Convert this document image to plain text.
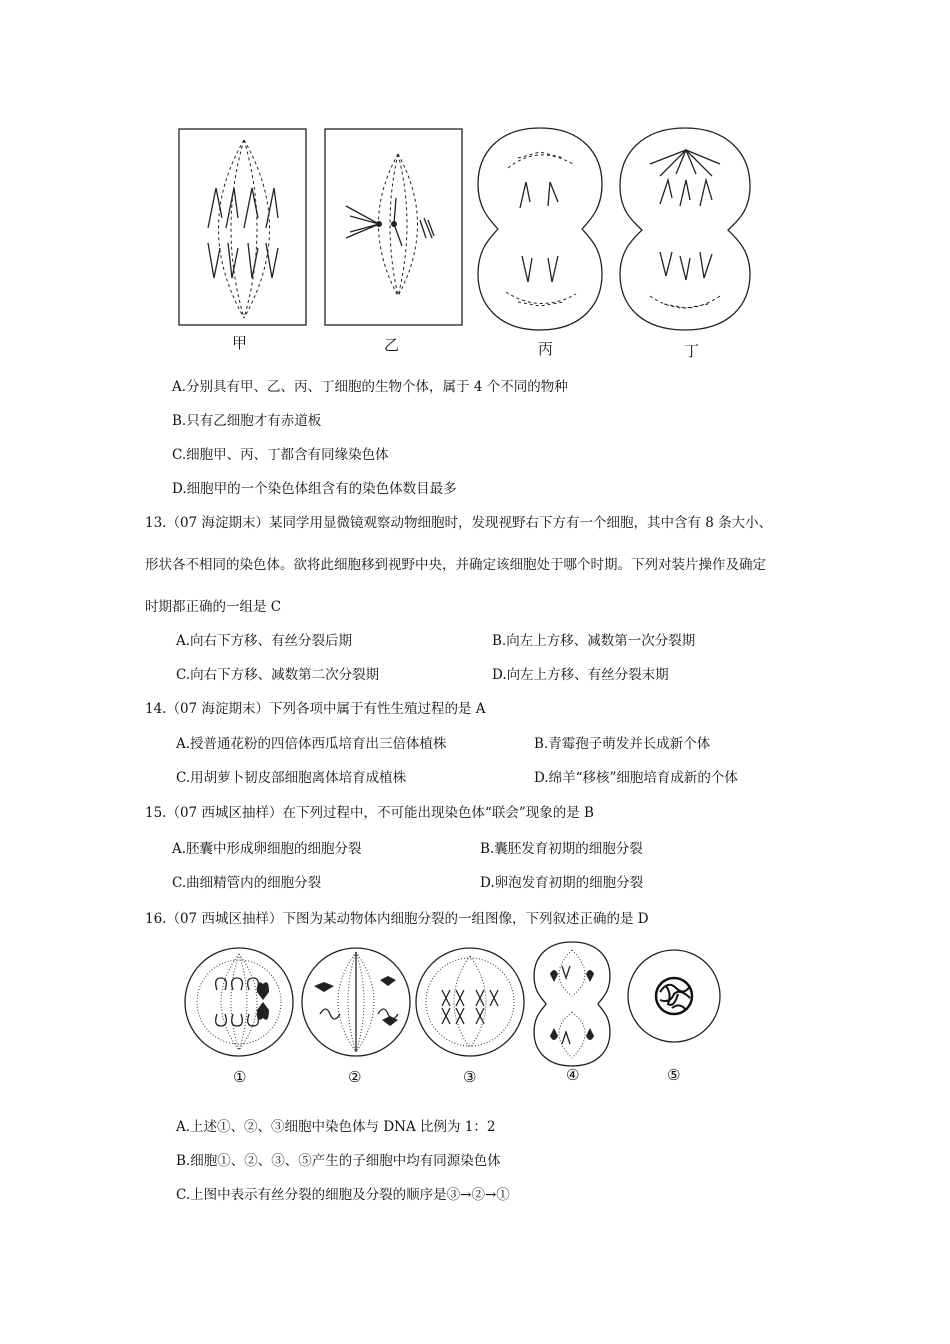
甲	乙	丙	丁
A.分别具有甲、乙、丙、丁细胞的生物个体，属于 4 个不同的物种
B.只有乙细胞才有赤道板
C.细胞甲、丙、丁都含有同缘染色体
D.细胞甲的一个染色体组含有的染色体数目最多
13.（07 海淀期末）某同学用显微镜观察动物细胞时，发现视野右下方有一个细胞，其中含有 8 条大小、
形状各不相同的染色体。欲将此细胞移到视野中央，并确定该细胞处于哪个时期。下列对装片操作及确定
时期都正确的一组是 C
A.向右下方移、有丝分裂后期	B.向左上方移、减数第一次分裂期
C.向右下方移、减数第二次分裂期	D.向左上方移、有丝分裂末期
14.（07 海淀期末）下列各项中属于有性生殖过程的是 A
A.授普通花粉的四倍体西瓜培育出三倍体植株	B.青霉孢子萌发并长成新个体
C.用胡萝卜韧皮部细胞离体培育成植株	D.绵羊“移核”细胞培育成新的个体
15.（07 西城区抽样）在下列过程中，不可能出现染色体“联会”现象的是 B
A.胚囊中形成卵细胞的细胞分裂	B.囊胚发育初期的细胞分裂
C.曲细精管内的细胞分裂	D.卵泡发育初期的细胞分裂
16.（07 西城区抽样）下图为某动物体内细胞分裂的一组图像，下列叙述正确的是 D
①	②	③	④	⑤
A.上述①、②、③细胞中染色体与 DNA 比例为 1：2
B.细胞①、②、③、⑤产生的子细胞中均有同源染色体
C.上图中表示有丝分裂的细胞及分裂的顺序是③→②→①
